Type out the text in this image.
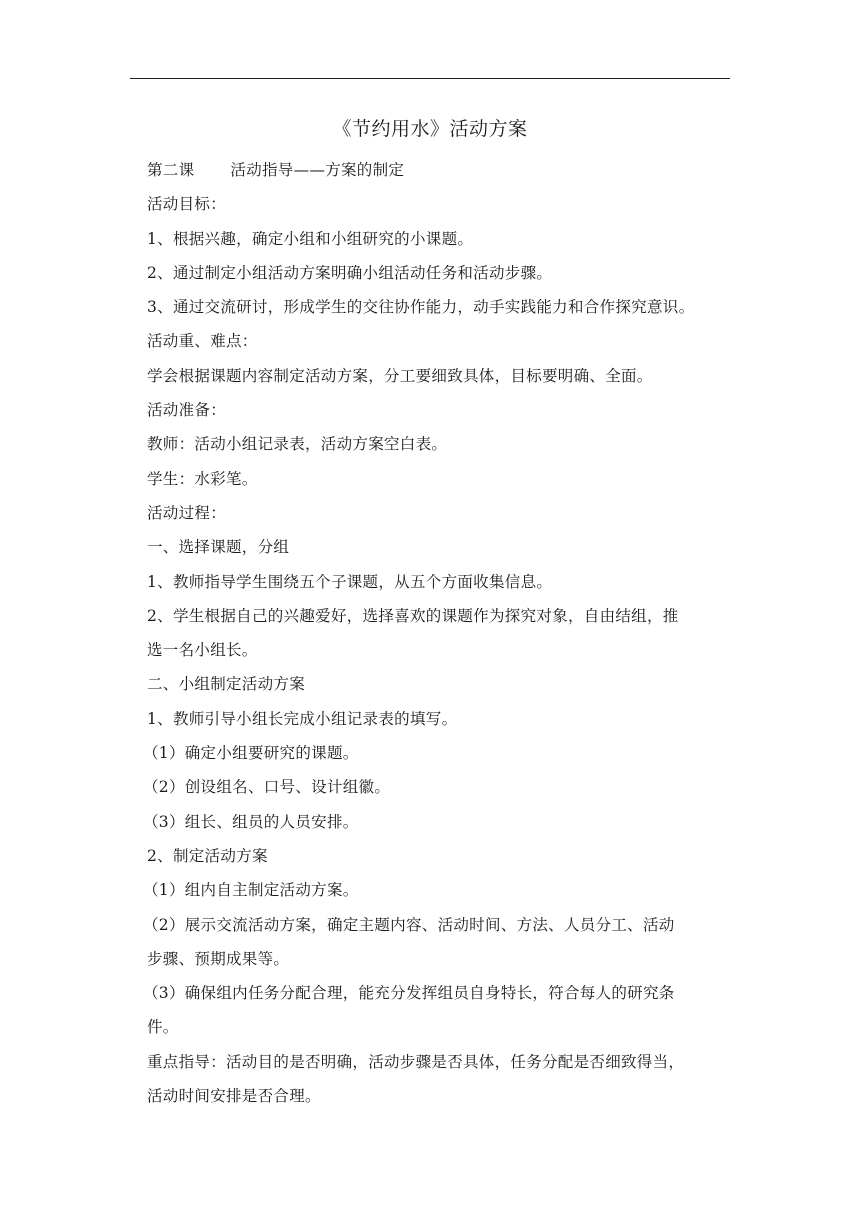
《节约用水》活动方案
第二课 活动指导——方案的制定
活动目标：
1、根据兴趣，确定小组和小组研究的小课题。
2、通过制定小组活动方案明确小组活动任务和活动步骤。
3、通过交流研讨，形成学生的交往协作能力，动手实践能力和合作探究意识。
活动重、难点：
学会根据课题内容制定活动方案，分工要细致具体，目标要明确、全面。
活动准备：
教师：活动小组记录表，活动方案空白表。
学生：水彩笔。
活动过程：
一、选择课题，分组
1、教师指导学生围绕五个子课题，从五个方面收集信息。
2、学生根据自己的兴趣爱好，选择喜欢的课题作为探究对象，自由结组，推
选一名小组长。
二、小组制定活动方案
1、教师引导小组长完成小组记录表的填写。
（1）确定小组要研究的课题。
（2）创设组名、口号、设计组徽。
（3）组长、组员的人员安排。
2、制定活动方案
（1）组内自主制定活动方案。
（2）展示交流活动方案，确定主题内容、活动时间、方法、人员分工、活动
步骤、预期成果等。
（3）确保组内任务分配合理，能充分发挥组员自身特长，符合每人的研究条
件。
重点指导：活动目的是否明确，活动步骤是否具体，任务分配是否细致得当，
活动时间安排是否合理。
